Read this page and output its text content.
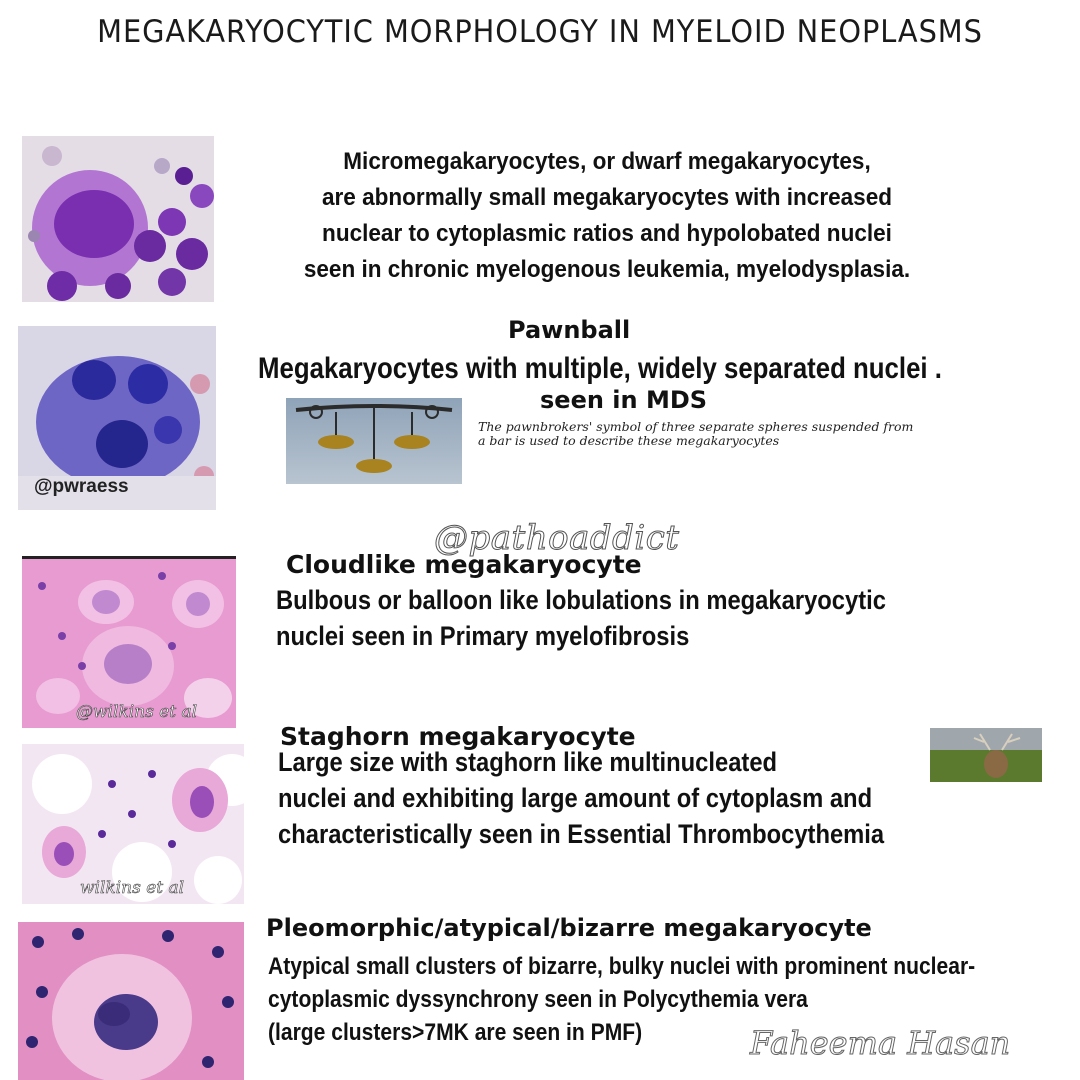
MEGAKARYOCYTIC MORPHOLOGY IN MYELOID NEOPLASMS
Micromegakaryocytes, or dwarf megakaryocytes,
are abnormally small megakaryocytes with increased
nuclear to cytoplasmic ratios and hypolobated nuclei
seen in chronic myelogenous leukemia, myelodysplasia.
@pwraess
Pawnball
Megakaryocytes with multiple, widely separated nuclei .
seen in MDS
The pawnbrokers' symbol of three separate spheres suspended from
a bar is used to describe these megakaryocytes
@pathoaddict
@wilkins et al
Cloudlike megakaryocyte
Bulbous or balloon like lobulations in megakaryocytic
nuclei seen in Primary myelofibrosis
wilkins et al
Staghorn megakaryocyte
Large size with staghorn like multinucleated
nuclei and exhibiting large amount of cytoplasm and
characteristically seen in Essential Thrombocythemia
Pleomorphic/atypical/bizarre megakaryocyte
Atypical small clusters of bizarre, bulky nuclei with prominent nuclear-
cytoplasmic dyssynchrony seen in Polycythemia vera
(large clusters>7MK are seen in PMF)	Faheema Hasan
